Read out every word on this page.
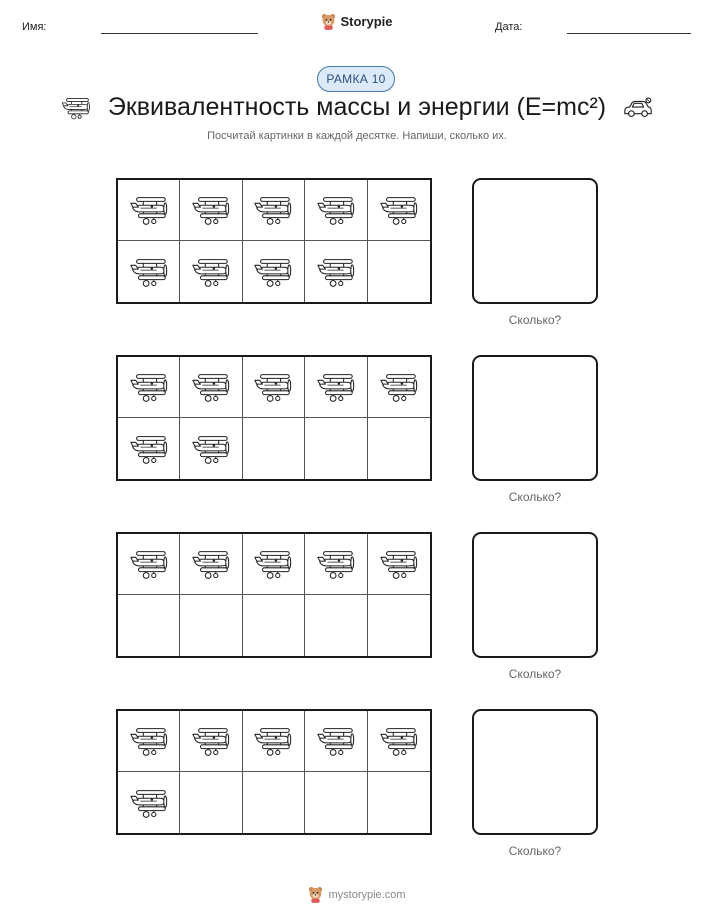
Имя:	Storypie	Дата:
РАМКА 10
Эквивалентность массы и энергии (E=mc²)
Посчитай картинки в каждой десятке. Напиши, сколько их.
Сколько?
Сколько?
Сколько?
Сколько?
mystorypie.com
